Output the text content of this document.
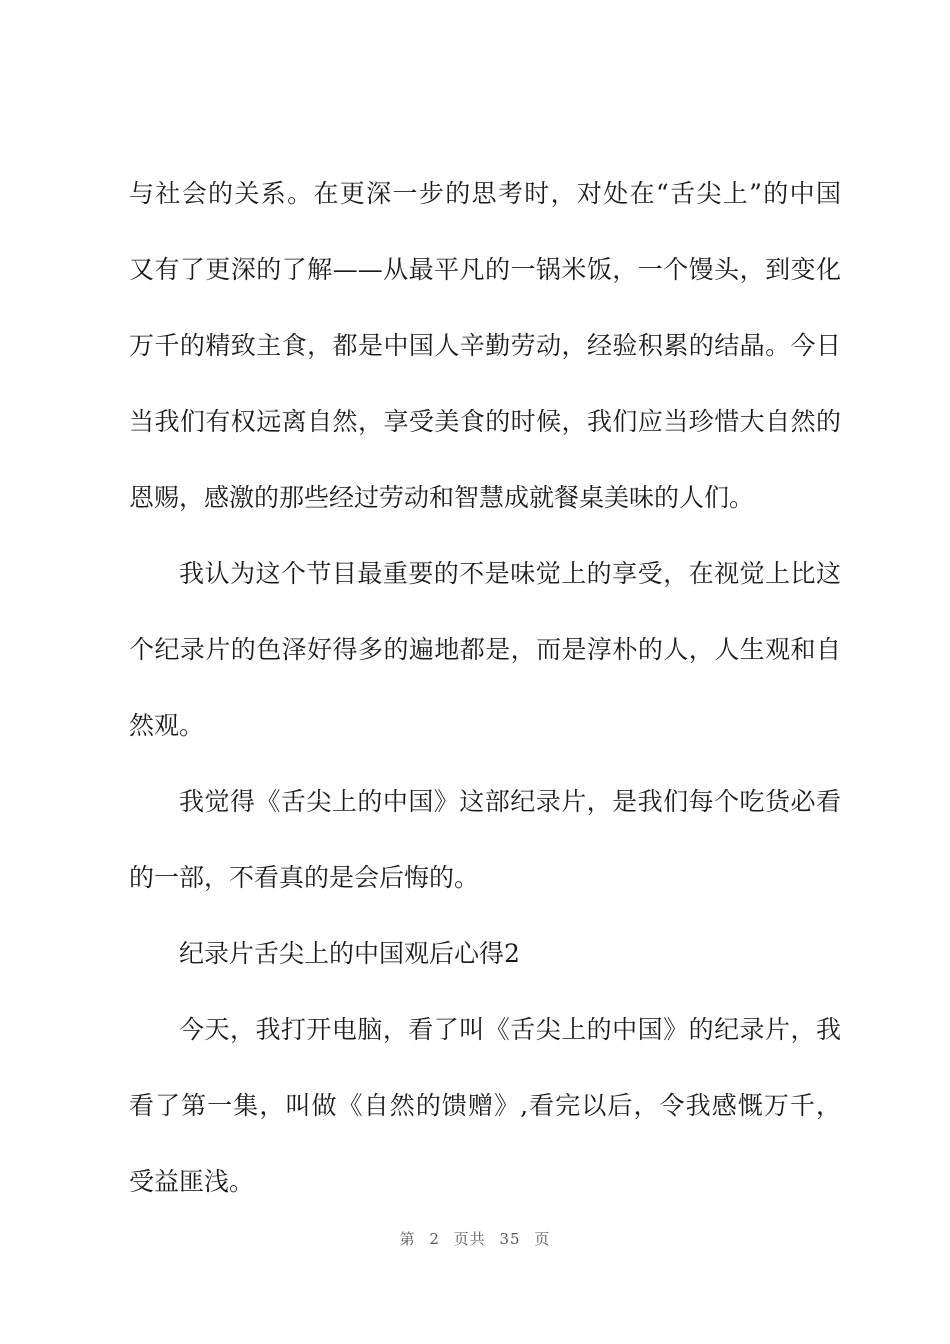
与社会的关系。在更深一步的思考时，对处在“舌尖上”的中国
又有了更深的了解——从最平凡的一锅米饭，一个馒头，到变化
万千的精致主食，都是中国人辛勤劳动，经验积累的结晶。今日
当我们有权远离自然，享受美食的时候，我们应当珍惜大自然的
恩赐，感激的那些经过劳动和智慧成就餐桌美味的人们。
我认为这个节目最重要的不是味觉上的享受，在视觉上比这
个纪录片的色泽好得多的遍地都是，而是淳朴的人，人生观和自
然观。
我觉得《舌尖上的中国》这部纪录片，是我们每个吃货必看
的一部，不看真的是会后悔的。
纪录片舌尖上的中国观后心得2
今天，我打开电脑，看了叫《舌尖上的中国》的纪录片，我
看了第一集，叫做《自然的馈赠》,看完以后，令我感慨万千，
受益匪浅。
第 2 页共 35 页
